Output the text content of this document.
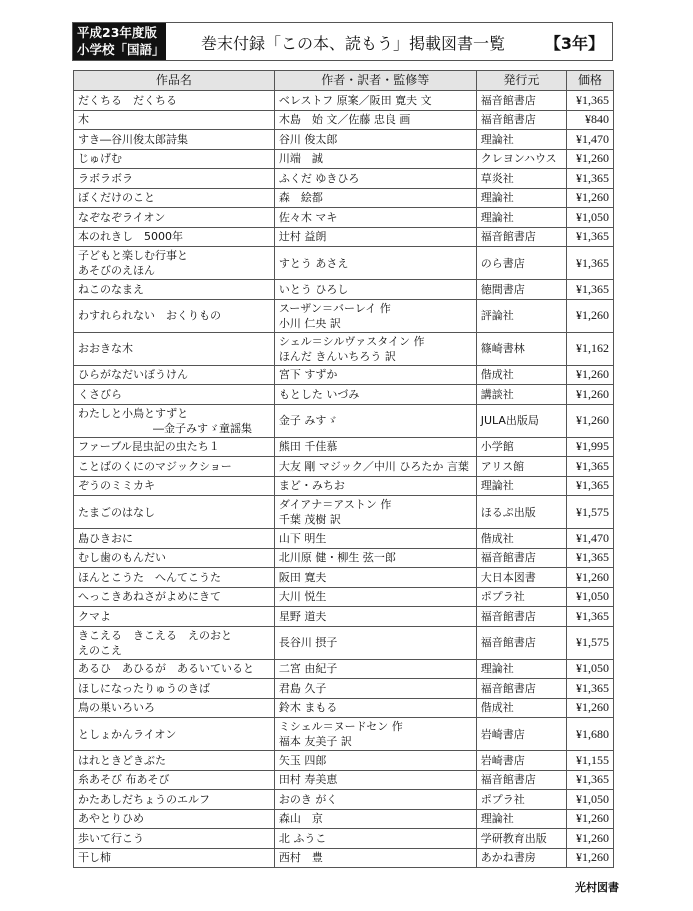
平成23年度版
小学校「国語」 巻末付録「この本、読もう」掲載図書一覧 【3年】
作品名	作者・訳者・監修等	発行元	価格

だくちる　だくちる	ベレストフ 原案／阪田 寛夫 文	福音館書店	¥1,365

木	木島　始 文／佐藤 忠良 画	福音館書店	¥840

すき―谷川俊太郎詩集	谷川 俊太郎	理論社	¥1,470

じゅげむ	川端　誠	クレヨンハウス	¥1,260

ラボラボラ	ふくだ ゆきひろ	草炎社	¥1,365

ぼくだけのこと	森　絵都	理論社	¥1,260

なぞなぞライオン	佐々木 マキ	理論社	¥1,050

本のれきし　5000年	辻村 益朗	福音館書店	¥1,365

子どもと楽しむ行事と
あそびのえほん	すとう あさえ	のら書店	¥1,365

ねこのなまえ	いとう ひろし	徳間書店	¥1,365

わすれられない　おくりもの	スーザン＝バーレイ 作
小川 仁央 訳	評論社	¥1,260

おおきな木	シェル＝シルヴァスタイン 作
ほんだ きんいちろう 訳	篠崎書林	¥1,162

ひらがなだいぼうけん	宮下 すずか	偕成社	¥1,260

くさびら	もとした いづみ	講談社	¥1,260

わたしと小鳥とすずと
―金子みすゞ童謡集	金子 みすゞ	JULA出版局	¥1,260

ファーブル昆虫記の虫たち１	熊田 千佳慕	小学館	¥1,995

ことばのくにのマジックショー	大友 剛 マジック／中川 ひろたか 言葉	アリス館	¥1,365

ぞうのミミカキ	まど・みちお	理論社	¥1,365

たまごのはなし	ダイアナ＝アストン 作
千葉 茂樹 訳	ほるぷ出版	¥1,575

島ひきおに	山下 明生	偕成社	¥1,470

むし歯のもんだい	北川原 健・柳生 弦一郎	福音館書店	¥1,365

ほんとこうた　へんてこうた	阪田 寛夫	大日本図書	¥1,260

へっこきあねさがよめにきて	大川 悦生	ポプラ社	¥1,050

クマよ	星野 道夫	福音館書店	¥1,365

きこえる　きこえる　えのおと
えのこえ	長谷川 摂子	福音館書店	¥1,575

あるひ　あひるが　あるいていると	二宮 由紀子	理論社	¥1,050

ほしになったりゅうのきば	君島 久子	福音館書店	¥1,365

鳥の巣いろいろ	鈴木 まもる	偕成社	¥1,260

としょかんライオン	ミシェル＝ヌードセン 作
福本 友美子 訳	岩崎書店	¥1,680

はれときどきぶた	矢玉 四郎	岩崎書店	¥1,155

糸あそび 布あそび	田村 寿美恵	福音館書店	¥1,365

かたあしだちょうのエルフ	おのき がく	ポプラ社	¥1,050

あやとりひめ	森山　京	理論社	¥1,260

歩いて行こう	北 ふうこ	学研教育出版	¥1,260

干し柿	西村　豊	あかね書房	¥1,260
光村図書
